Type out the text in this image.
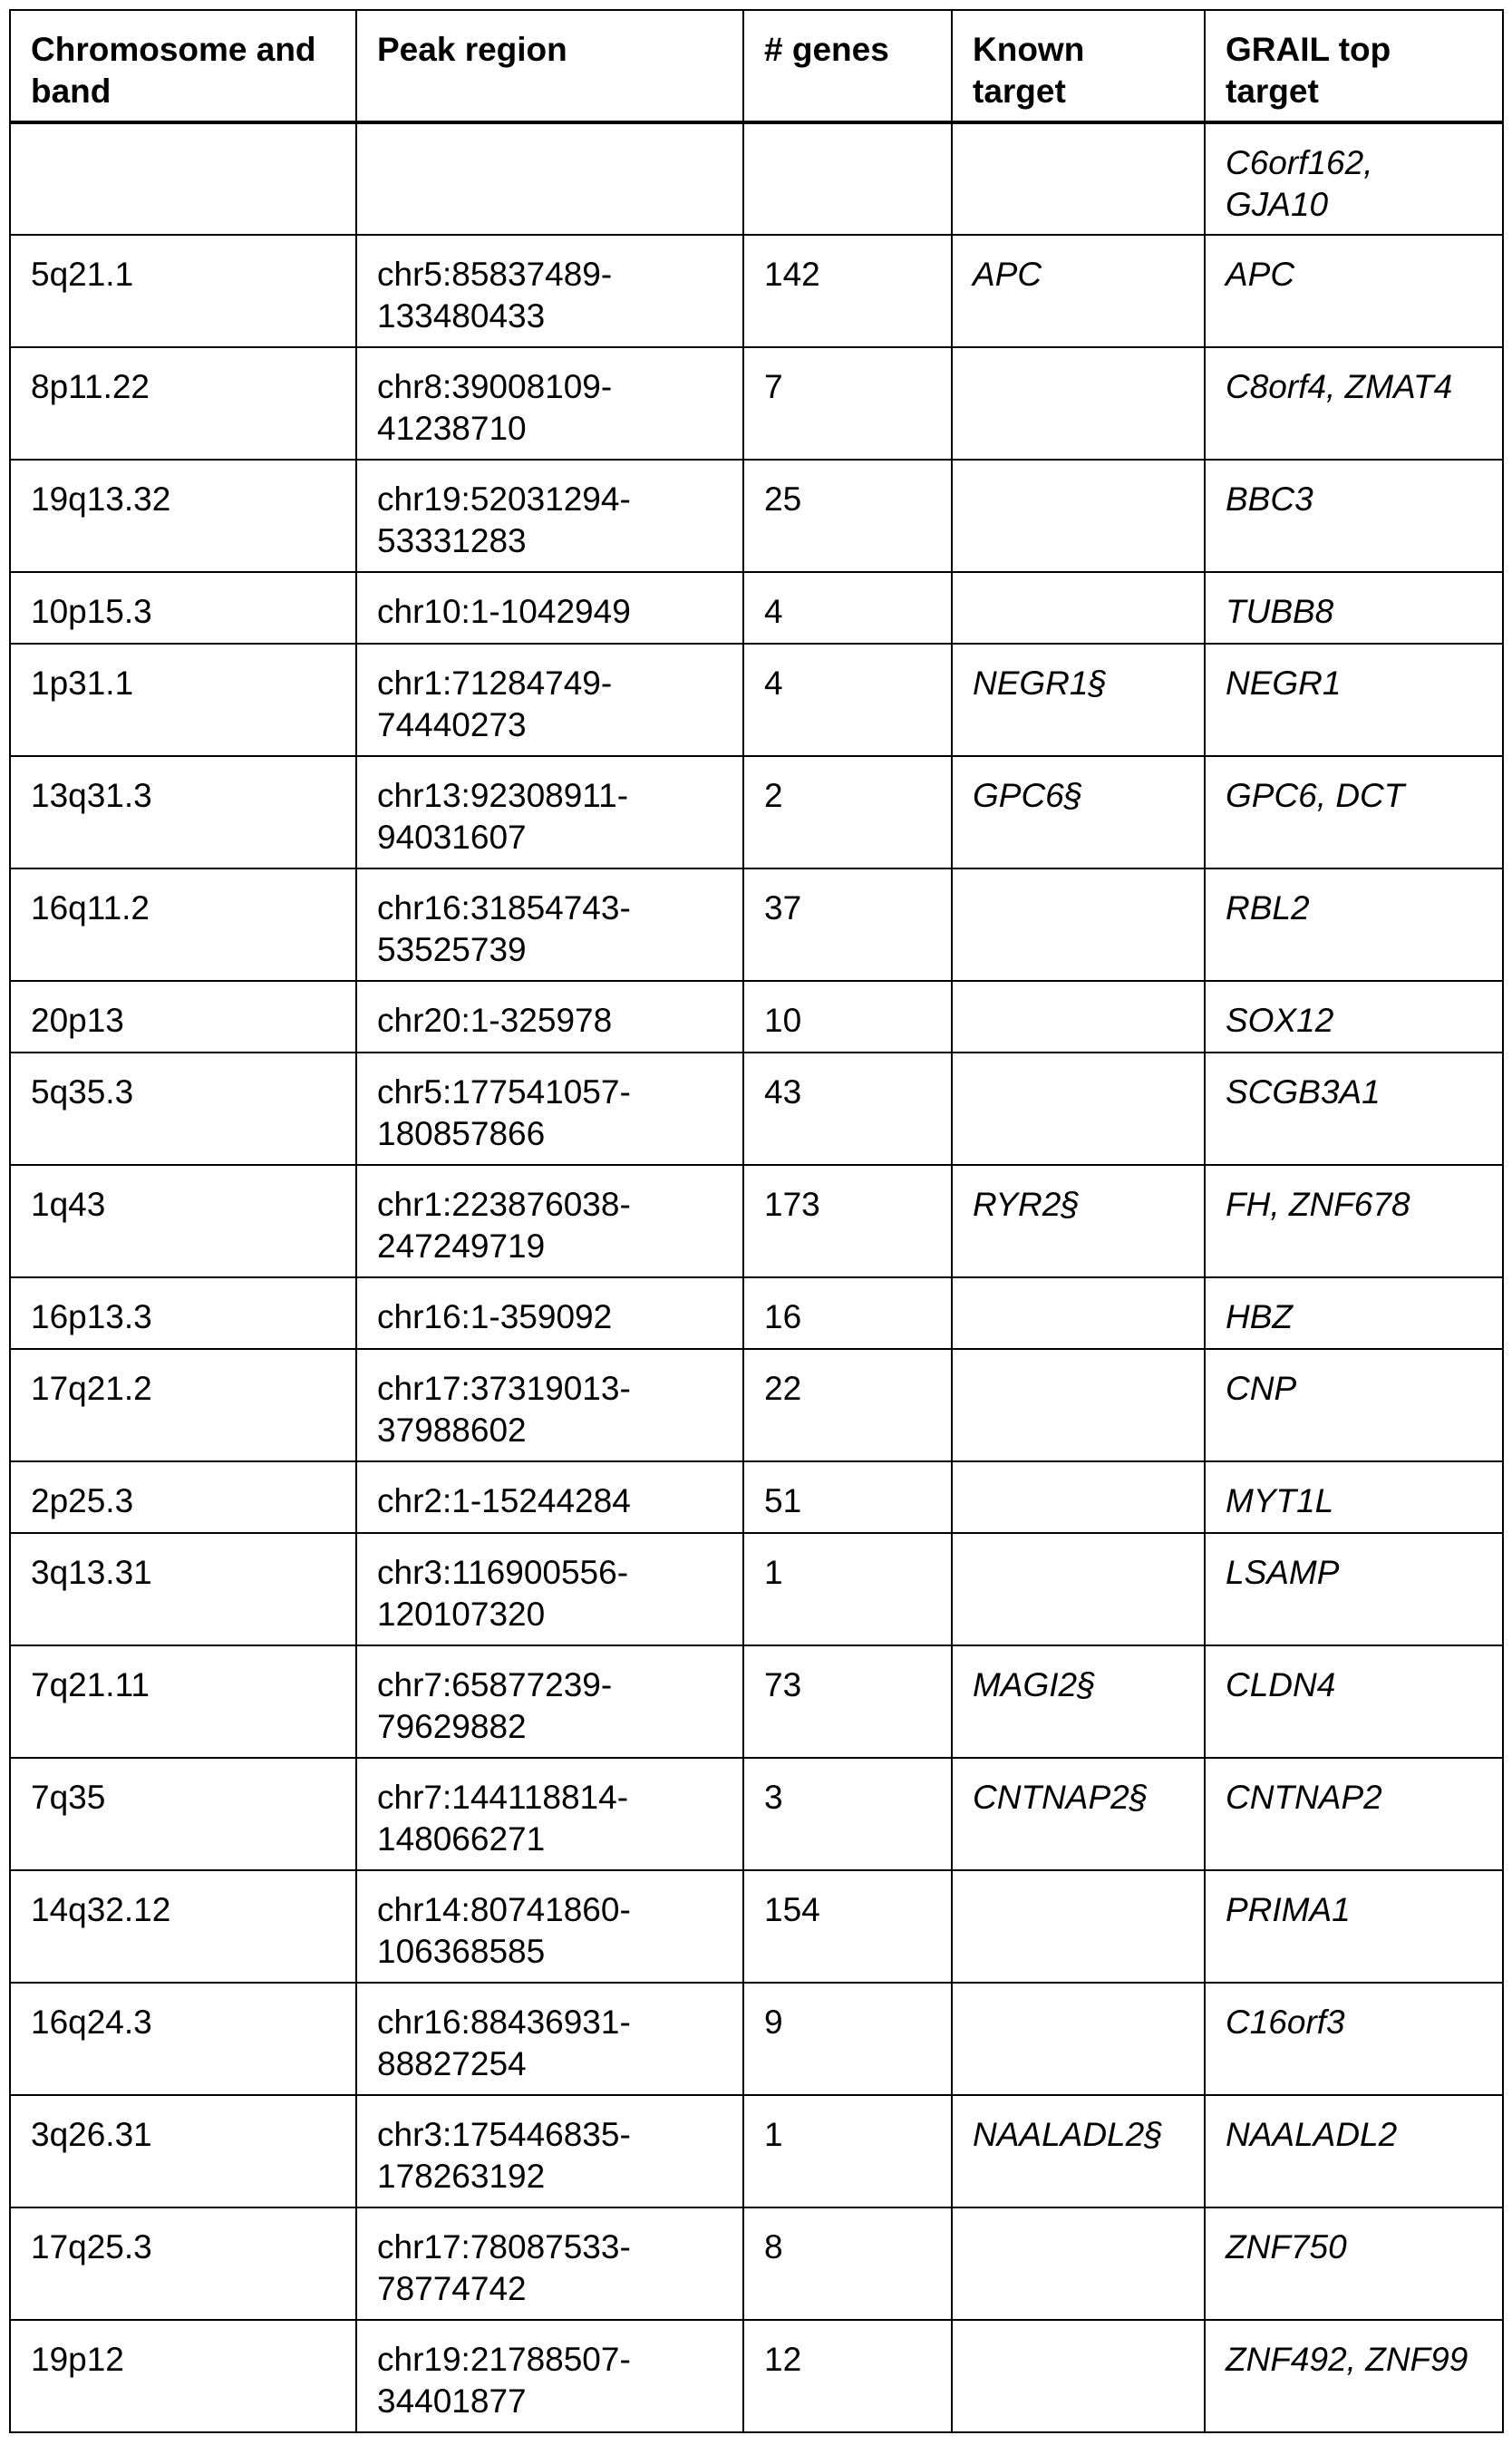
Chromosome and band	Peak region	# genes	Known target	GRAIL top target
				C6orf162, GJA10
5q21.1	chr5:85837489-133480433	142	APC	APC
8p11.22	chr8:39008109-41238710	7		C8orf4, ZMAT4
19q13.32	chr19:52031294-53331283	25		BBC3
10p15.3	chr10:1-1042949	4		TUBB8
1p31.1	chr1:71284749-74440273	4	NEGR1§	NEGR1
13q31.3	chr13:92308911-94031607	2	GPC6§	GPC6, DCT
16q11.2	chr16:31854743-53525739	37		RBL2
20p13	chr20:1-325978	10		SOX12
5q35.3	chr5:177541057-180857866	43		SCGB3A1
1q43	chr1:223876038-247249719	173	RYR2§	FH, ZNF678
16p13.3	chr16:1-359092	16		HBZ
17q21.2	chr17:37319013-37988602	22		CNP
2p25.3	chr2:1-15244284	51		MYT1L
3q13.31	chr3:116900556-120107320	1		LSAMP
7q21.11	chr7:65877239-79629882	73	MAGI2§	CLDN4
7q35	chr7:144118814-148066271	3	CNTNAP2§	CNTNAP2
14q32.12	chr14:80741860-106368585	154		PRIMA1
16q24.3	chr16:88436931-88827254	9		C16orf3
3q26.31	chr3:175446835-178263192	1	NAALADL2§	NAALADL2
17q25.3	chr17:78087533-78774742	8		ZNF750
19p12	chr19:21788507-34401877	12		ZNF492, ZNF99
